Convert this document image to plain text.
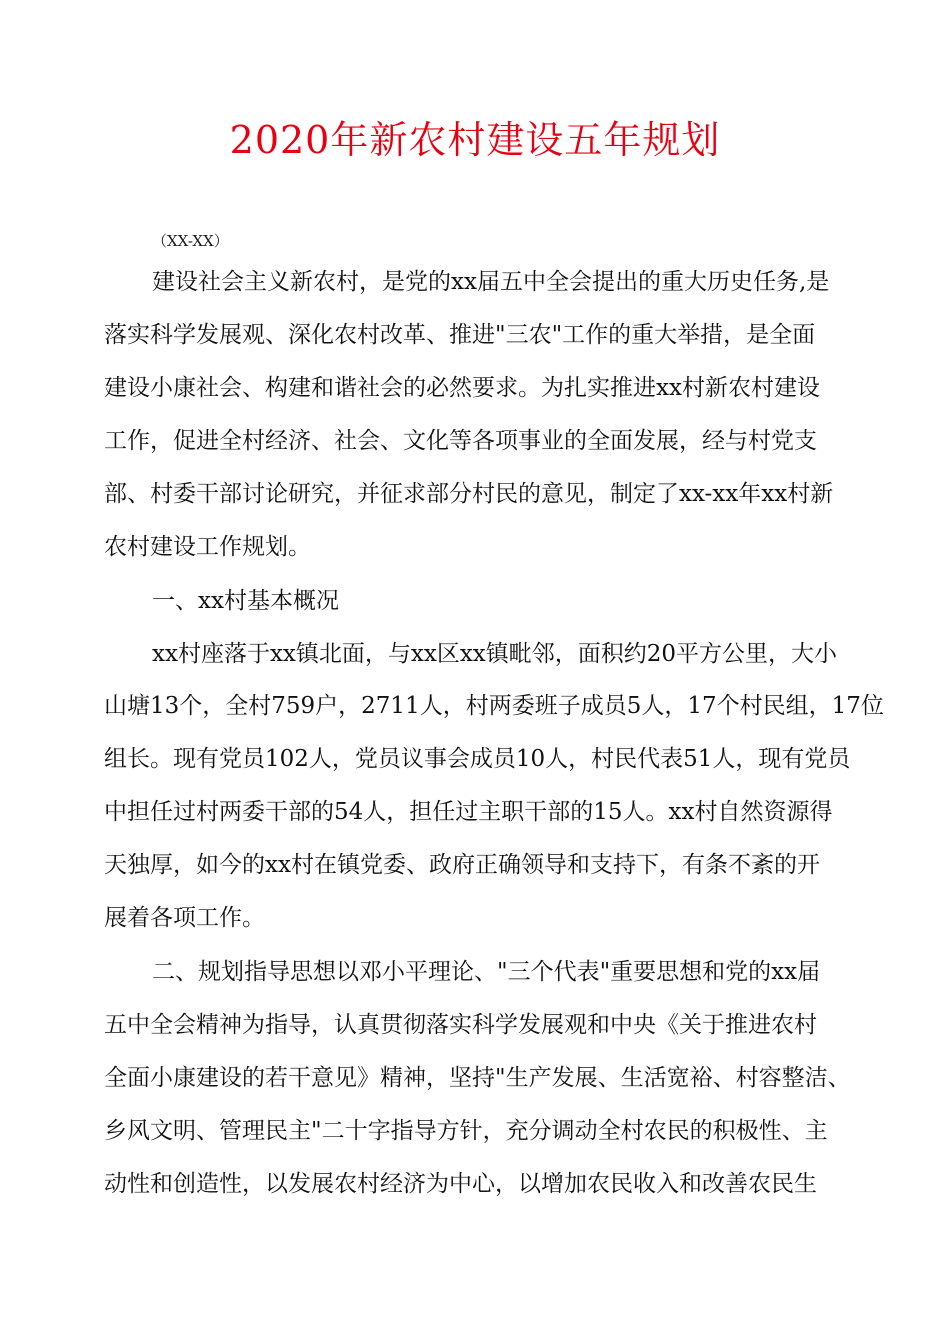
2020年新农村建设五年规划
（XX-XX）
建设社会主义新农村，是党的xx届五中全会提出的重大历史任务,是
落实科学发展观、深化农村改革、推进"三农"工作的重大举措，是全面
建设小康社会、构建和谐社会的必然要求。为扎实推进xx村新农村建设
工作，促进全村经济、社会、文化等各项事业的全面发展，经与村党支
部、村委干部讨论研究，并征求部分村民的意见，制定了xx-xx年xx村新
农村建设工作规划。
一、xx村基本概况
xx村座落于xx镇北面，与xx区xx镇毗邻，面积约20平方公里，大小
山塘13个，全村759户，2711人，村两委班子成员5人，17个村民组，17位
组长。现有党员102人，党员议事会成员10人，村民代表51人，现有党员
中担任过村两委干部的54人，担任过主职干部的15人。xx村自然资源得
天独厚，如今的xx村在镇党委、政府正确领导和支持下，有条不紊的开
展着各项工作。
二、规划指导思想以邓小平理论、"三个代表"重要思想和党的xx届
五中全会精神为指导，认真贯彻落实科学发展观和中央《关于推进农村
全面小康建设的若干意见》精神，坚持"生产发展、生活宽裕、村容整洁、
乡风文明、管理民主"二十字指导方针，充分调动全村农民的积极性、主
动性和创造性，以发展农村经济为中心，以增加农民收入和改善农民生
